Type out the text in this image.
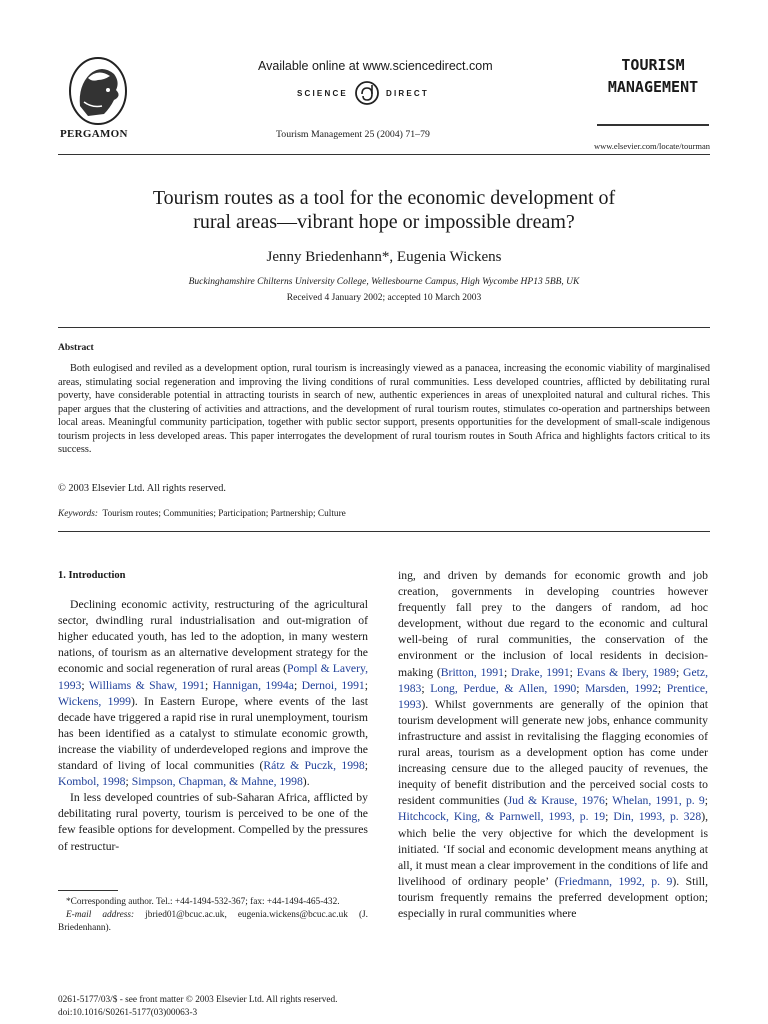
PERGAMON
Available online at www.sciencedirect.com
SCIENCE	DIRECT
Tourism Management 25 (2004) 71–79
TOURISM
MANAGEMENT
www.elsevier.com/locate/tourman
Tourism routes as a tool for the economic development of
rural areas—vibrant hope or impossible dream?
Jenny Briedenhann*, Eugenia Wickens
Buckinghamshire Chilterns University College, Wellesbourne Campus, High Wycombe HP13 5BB, UK
Received 4 January 2002; accepted 10 March 2003
Abstract
Both eulogised and reviled as a development option, rural tourism is increasingly viewed as a panacea, increasing the economic viability of marginalised areas, stimulating social regeneration and improving the living conditions of rural communities. Less developed countries, afflicted by debilitating rural poverty, have considerable potential in attracting tourists in search of new, authentic experiences in areas of unexploited natural and cultural riches. This paper argues that the clustering of activities and attractions, and the development of rural tourism routes, stimulates co-operation and partnerships between local areas. Meaningful community participation, together with public sector support, presents opportunities for the development of small-scale indigenous tourism projects in less developed areas. This paper interrogates the development of rural tourism routes in South Africa and highlights factors critical to its success.
© 2003 Elsevier Ltd. All rights reserved.
Keywords: Tourism routes; Communities; Participation; Partnership; Culture
1. Introduction

Declining economic activity, restructuring of the agricultural sector, dwindling rural industrialisation and out-migration of higher educated youth, has led to the adoption, in many western nations, of tourism as an alternative development strategy for the economic and social regeneration of rural areas (Pompl & Lavery, 1993; Williams & Shaw, 1991; Hannigan, 1994a; Dernoi, 1991; Wickens, 1999). In Eastern Europe, where events of the last decade have triggered a rapid rise in rural unemployment, tourism has been identified as a catalyst to stimulate economic growth, increase the viability of underdeveloped regions and improve the standard of living of local communities (Rátz & Puczk, 1998; Kombol, 1998; Simpson, Chapman, & Mahne, 1998).

In less developed countries of sub-Saharan Africa, afflicted by debilitating rural poverty, tourism is perceived to be one of the few feasible options for development. Compelled by the pressures of restructur-

ing, and driven by demands for economic growth and job creation, governments in developing countries however frequently fall prey to the dangers of random, ad hoc development, without due regard to the economic and cultural well-being of rural communities, the conservation of the environment or the inclusion of local residents in decision-making (Britton, 1991; Drake, 1991; Evans & Ibery, 1989; Getz, 1983; Long, Perdue, & Allen, 1990; Marsden, 1992; Prentice, 1993). Whilst governments are generally of the opinion that tourism development will generate new jobs, enhance community infrastructure and assist in revitalising the flagging economies of rural areas, tourism as a development option has come under increasing censure due to the alleged paucity of revenues, the inequity of benefit distribution and the perceived social costs to resident communities (Jud & Krause, 1976; Whelan, 1991, p. 9; Hitchcock, King, & Parnwell, 1993, p. 19; Din, 1993, p. 328), which belie the very objective for which the development is initiated. ‘If social and economic development means anything at all, it must mean a clear improvement in the conditions of life and livelihood of ordinary people’ (Friedmann, 1992, p. 9). Still, tourism frequently remains the preferred development option; especially in rural communities where

*Corresponding author. Tel.: +44-1494-532-367; fax: +44-1494-465-432.

E-mail address: jbried01@bcuc.ac.uk, eugenia.wickens@bcuc.ac.uk (J. Briedenhann).

0261-5177/03/$ - see front matter © 2003 Elsevier Ltd. All rights reserved.
doi:10.1016/S0261-5177(03)00063-3
